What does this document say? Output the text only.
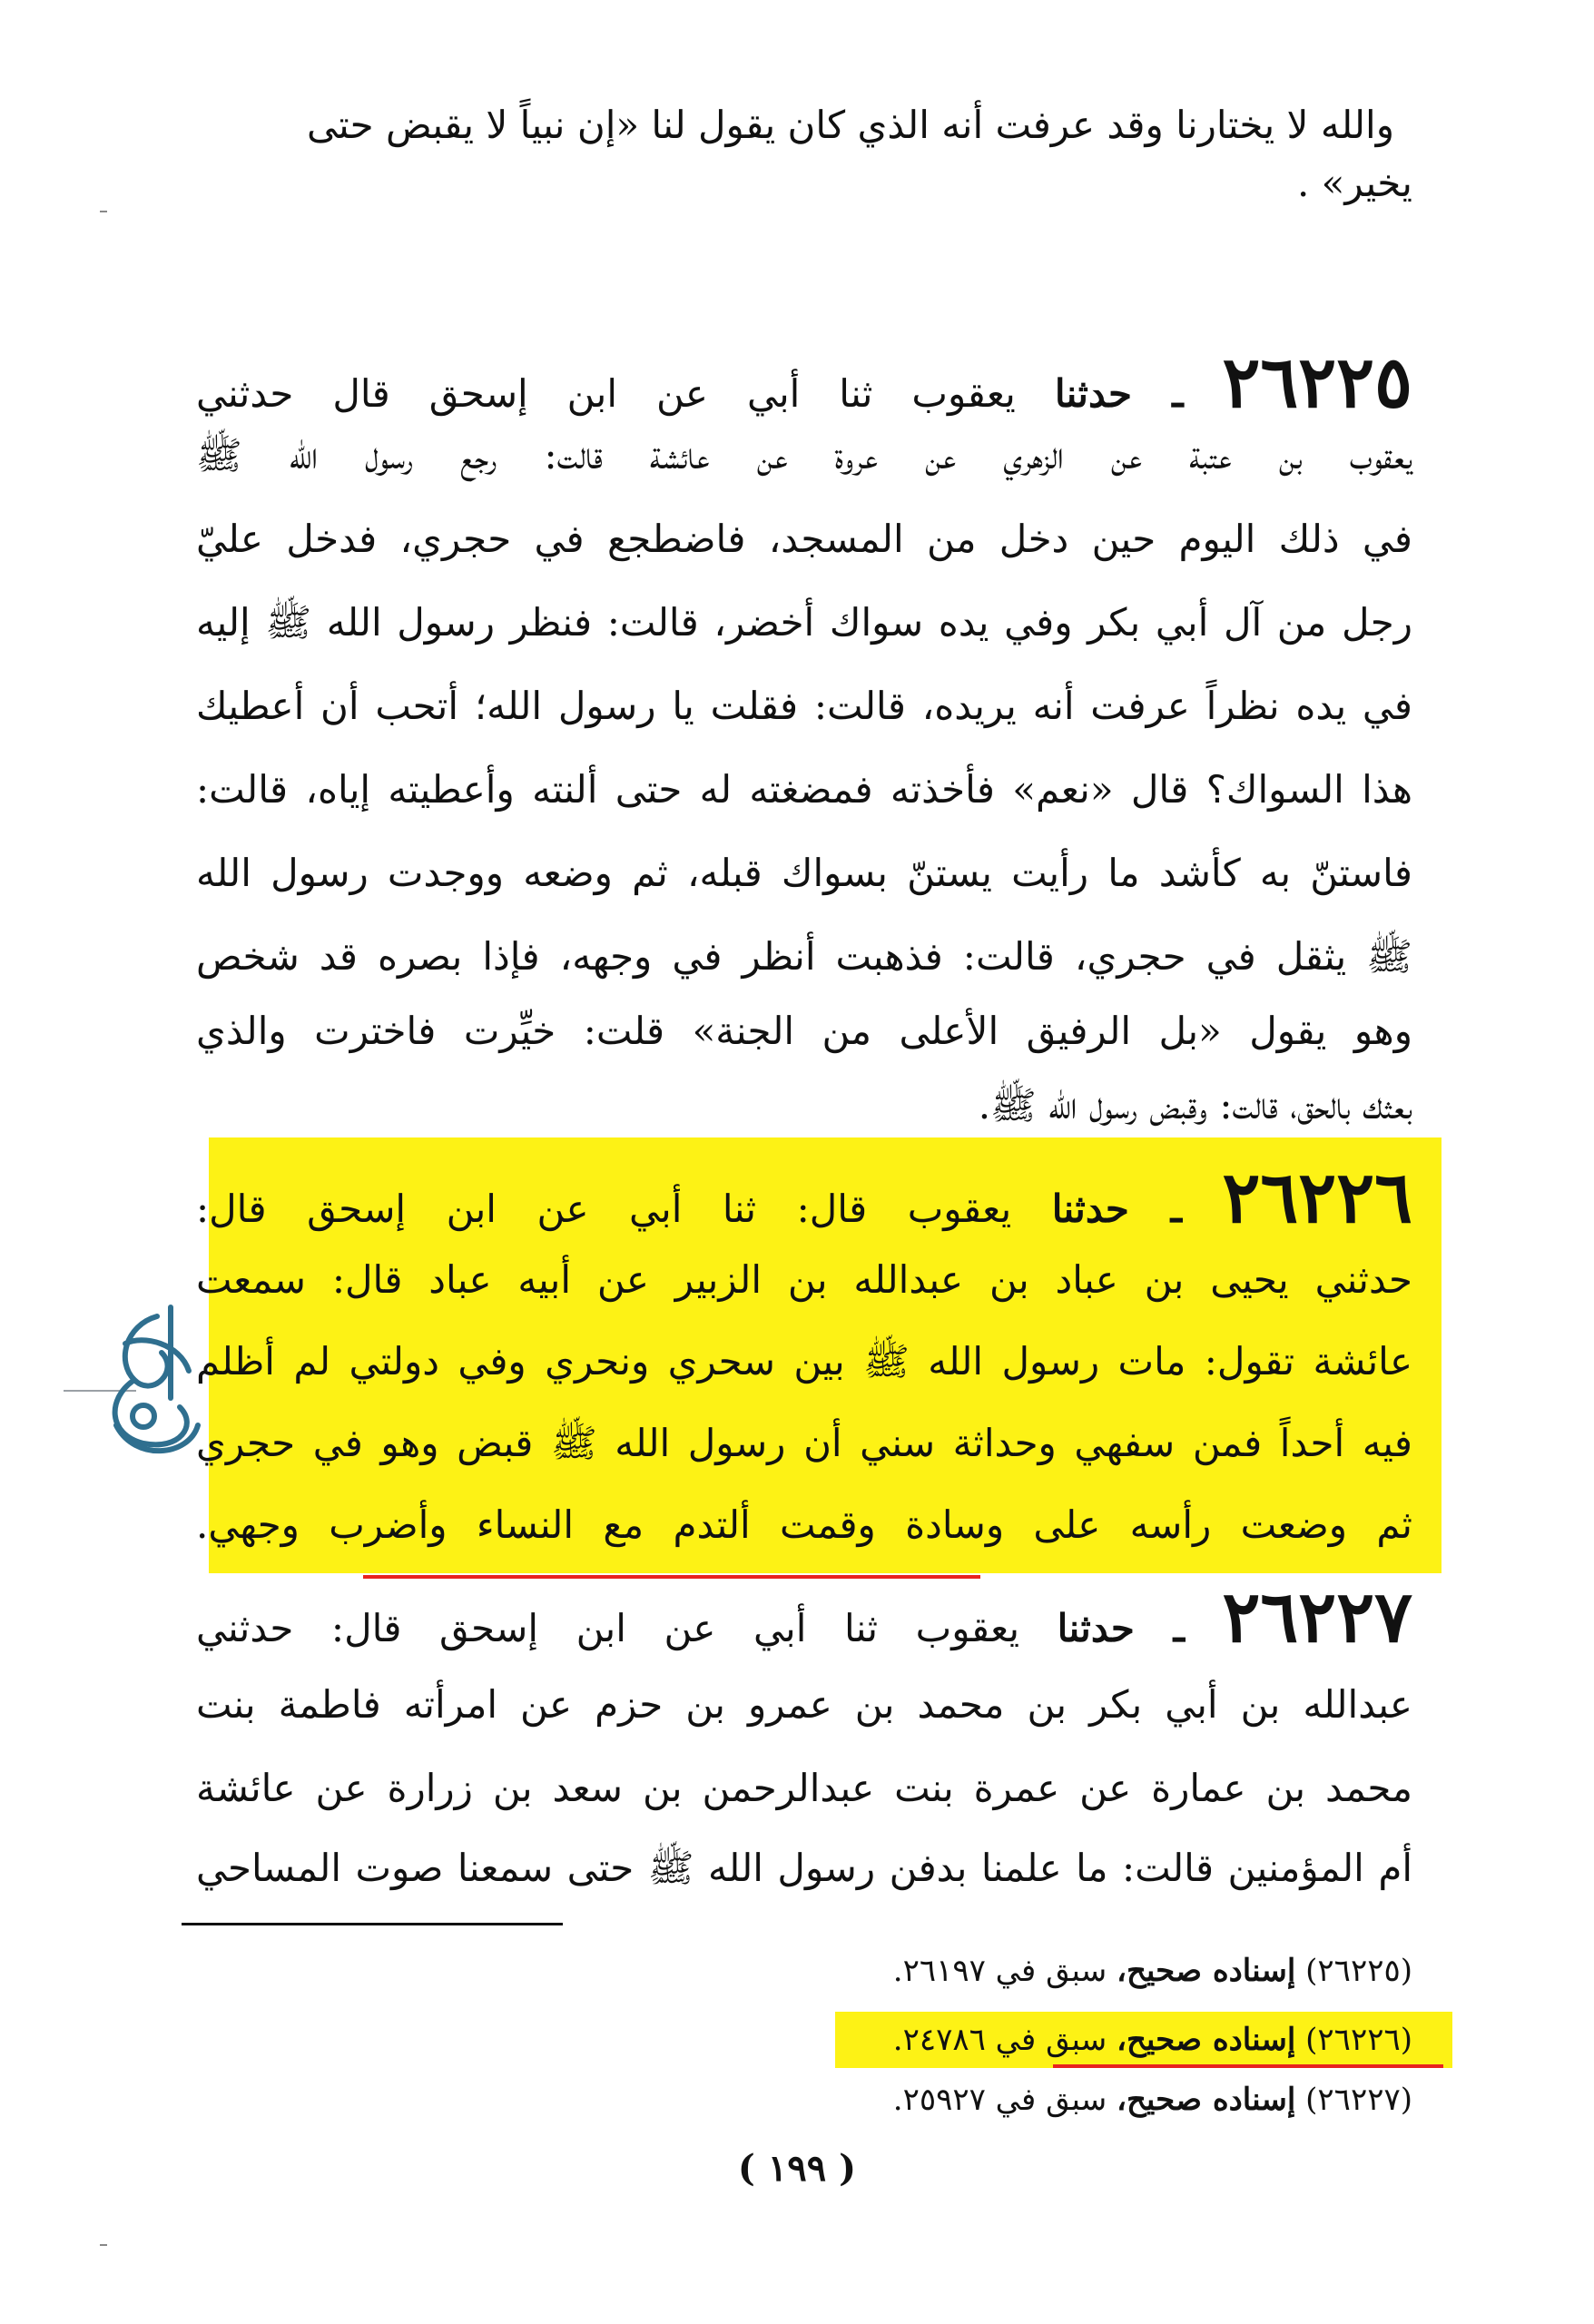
والله لا يختارنا وقد عرفت أنه الذي كان يقول لنا «إن نبياً لا يقبض حتى
يخير» .
٢٦٢٢٥ ـ حدثنا يعقوب ثنا أبي عن ابن إسحق قال حدثني
يعقوب بن عتبة عن الزهري عن عروة عن عائشة قالت: رجع رسول الله ﷺ
في ذلك اليوم حين دخل من المسجد، فاضطجع في حجري، فدخل عليّ
رجل من آل أبي بكر وفي يده سواك أخضر، قالت: فنظر رسول الله ﷺ إليه
في يده نظراً عرفت أنه يريده، قالت: فقلت يا رسول الله؛ أتحب أن أعطيك
هذا السواك؟ قال «نعم» فأخذته فمضغته له حتى ألنته وأعطيته إياه، قالت:
فاستنّ به كأشد ما رأيت يستنّ بسواك قبله، ثم وضعه ووجدت رسول الله
ﷺ يثقل في حجري، قالت: فذهبت أنظر في وجهه، فإذا بصره قد شخص
وهو يقول «بل الرفيق الأعلى من الجنة» قلت: خيِّرت فاخترت والذي
بعثك بالحق، قالت: وقبض رسول الله ﷺ.
٢٦٢٢٦ ـ حدثنا يعقوب قال: ثنا أبي عن ابن إسحق قال:
حدثني يحيى بن عباد بن عبدالله بن الزبير عن أبيه عباد قال: سمعت
عائشة تقول: مات رسول الله ﷺ بين سحري ونحري وفي دولتي لم أظلم
فيه أحداً فمن سفهي وحداثة سني أن رسول الله ﷺ قبض وهو في حجري
ثم وضعت رأسه على وسادة وقمت ألتدم مع النساء وأضرب وجهي.
٢٦٢٢٧ ـ حدثنا يعقوب ثنا أبي عن ابن إسحق قال: حدثني
عبدالله بن أبي بكر بن محمد بن عمرو بن حزم عن امرأته فاطمة بنت
محمد بن عمارة عن عمرة بنت عبدالرحمن بن سعد بن زرارة عن عائشة
أم المؤمنين قالت: ما علمنا بدفن رسول الله ﷺ حتى سمعنا صوت المساحي
(٢٦٢٢٥) إسناده صحيح، سبق في ٢٦١٩٧.
(٢٦٢٢٦) إسناده صحيح، سبق في ٢٤٧٨٦.
(٢٦٢٢٧) إسناده صحيح، سبق في ٢٥٩٢٧.
( ١٩٩ )
